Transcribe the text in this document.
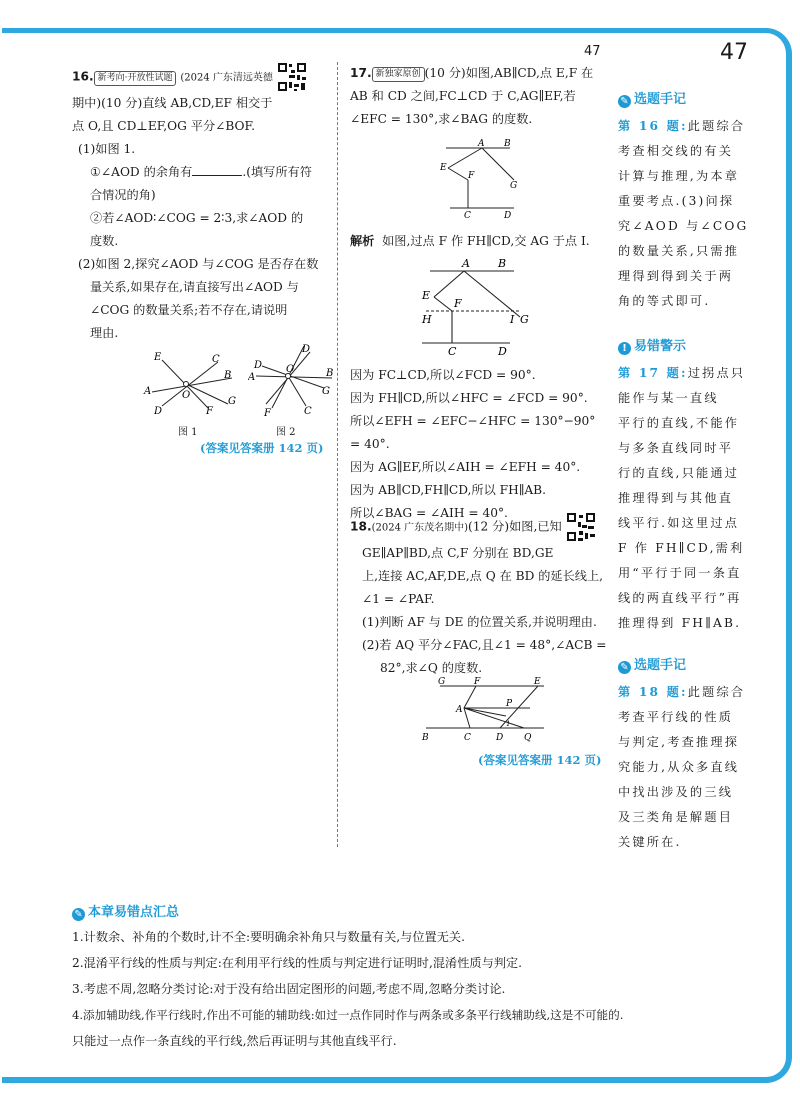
47	47

16. 新考向·开放性试题 (2024 广东清远英德

期中)(10 分)直线 AB,CD,EF 相交于

点 O,且 CD⊥EF,OG 平分∠BOF.

(1)如图 1.

①∠AOD 的余角有	.(填写所有符

合情况的角)

②若∠AOD∶∠COG = 2∶3,求∠AOD 的

度数.

(2)如图 2,探究∠AOD 与∠COG 是否存在数

量关系,如果存在,请直接写出∠AOD 与

∠COG 的数量关系;若不存在,请说明

理由.

E	C
A
B
O
G
D	F
图 1
D
D
A	B
G
F	C
O
图 2
(答案见答案册 142 页)

17. 新独家原创 (10 分)如图,AB∥CD,点 E,F 在

AB 和 CD 之间,FC⊥CD 于 C,AG∥EF,若

∠EFC = 130°,求∠BAG 的度数.

A B
E
F
G
C	D

解析 如图,过点 F 作 FH∥CD,交 AG 于点 I.

A	B
E
F
H	I G
C	D

因为 FC⊥CD,所以∠FCD = 90°.

因为 FH∥CD,所以∠HFC = ∠FCD = 90°.

所以∠EFH = ∠EFC−∠HFC = 130°−90° = 40°.

因为 AG∥EF,所以∠AIH = ∠EFH = 40°.

因为 AB∥CD,FH∥CD,所以 FH∥AB.

所以∠BAG = ∠AIH = 40°.

18.(2024 广东茂名期中)(12 分)如图,已知

GE∥AP∥BD,点 C,F 分别在 BD,GE

上,连接 AC,AF,DE,点 Q 在 BD 的延长线上,

∠1 = ∠PAF.

(1)判断 AF 与 DE 的位置关系,并说明理由.

(2)若 AQ 平分∠FAC,且∠1 = 48°,∠ACB =

82°,求∠Q 的度数.

G	F	E
A
P
B	C	D Q
1
(答案见答案册 142 页)
✎ 选题手记

第 16 题:此题综合

考查相交线的有关

计算与推理,为本章

重要考点.(3)问探

究∠AOD 与∠COG

的数量关系,只需推

理得到得到关于两

角的等式即可.

! 易错警示

第 17 题:过拐点只

能作与某一直线

平行的直线,不能作

与多条直线同时平

行的直线,只能通过

推理得到与其他直

线平行.如这里过点

F 作 FH∥CD,需利

用“平行于同一条直

线的两直线平行”再

推理得到 FH∥AB.

✎ 选题手记

第 18 题:此题综合

考查平行线的性质

与判定,考查推理探

究能力,从众多直线

中找出涉及的三线

及三类角是解题目

关键所在.

✎ 本章易错点汇总

1.计数余、补角的个数时,计不全:要明确余补角只与数量有关,与位置无关.

2.混淆平行线的性质与判定:在利用平行线的性质与判定进行证明时,混淆性质与判定.

3.考虑不周,忽略分类讨论:对于没有给出固定图形的问题,考虑不周,忽略分类讨论.

4.添加辅助线,作平行线时,作出不可能的辅助线:如过一点作同时作与两条或多条平行线辅助线,这是不可能的.

只能过一点作一条直线的平行线,然后再证明与其他直线平行.
